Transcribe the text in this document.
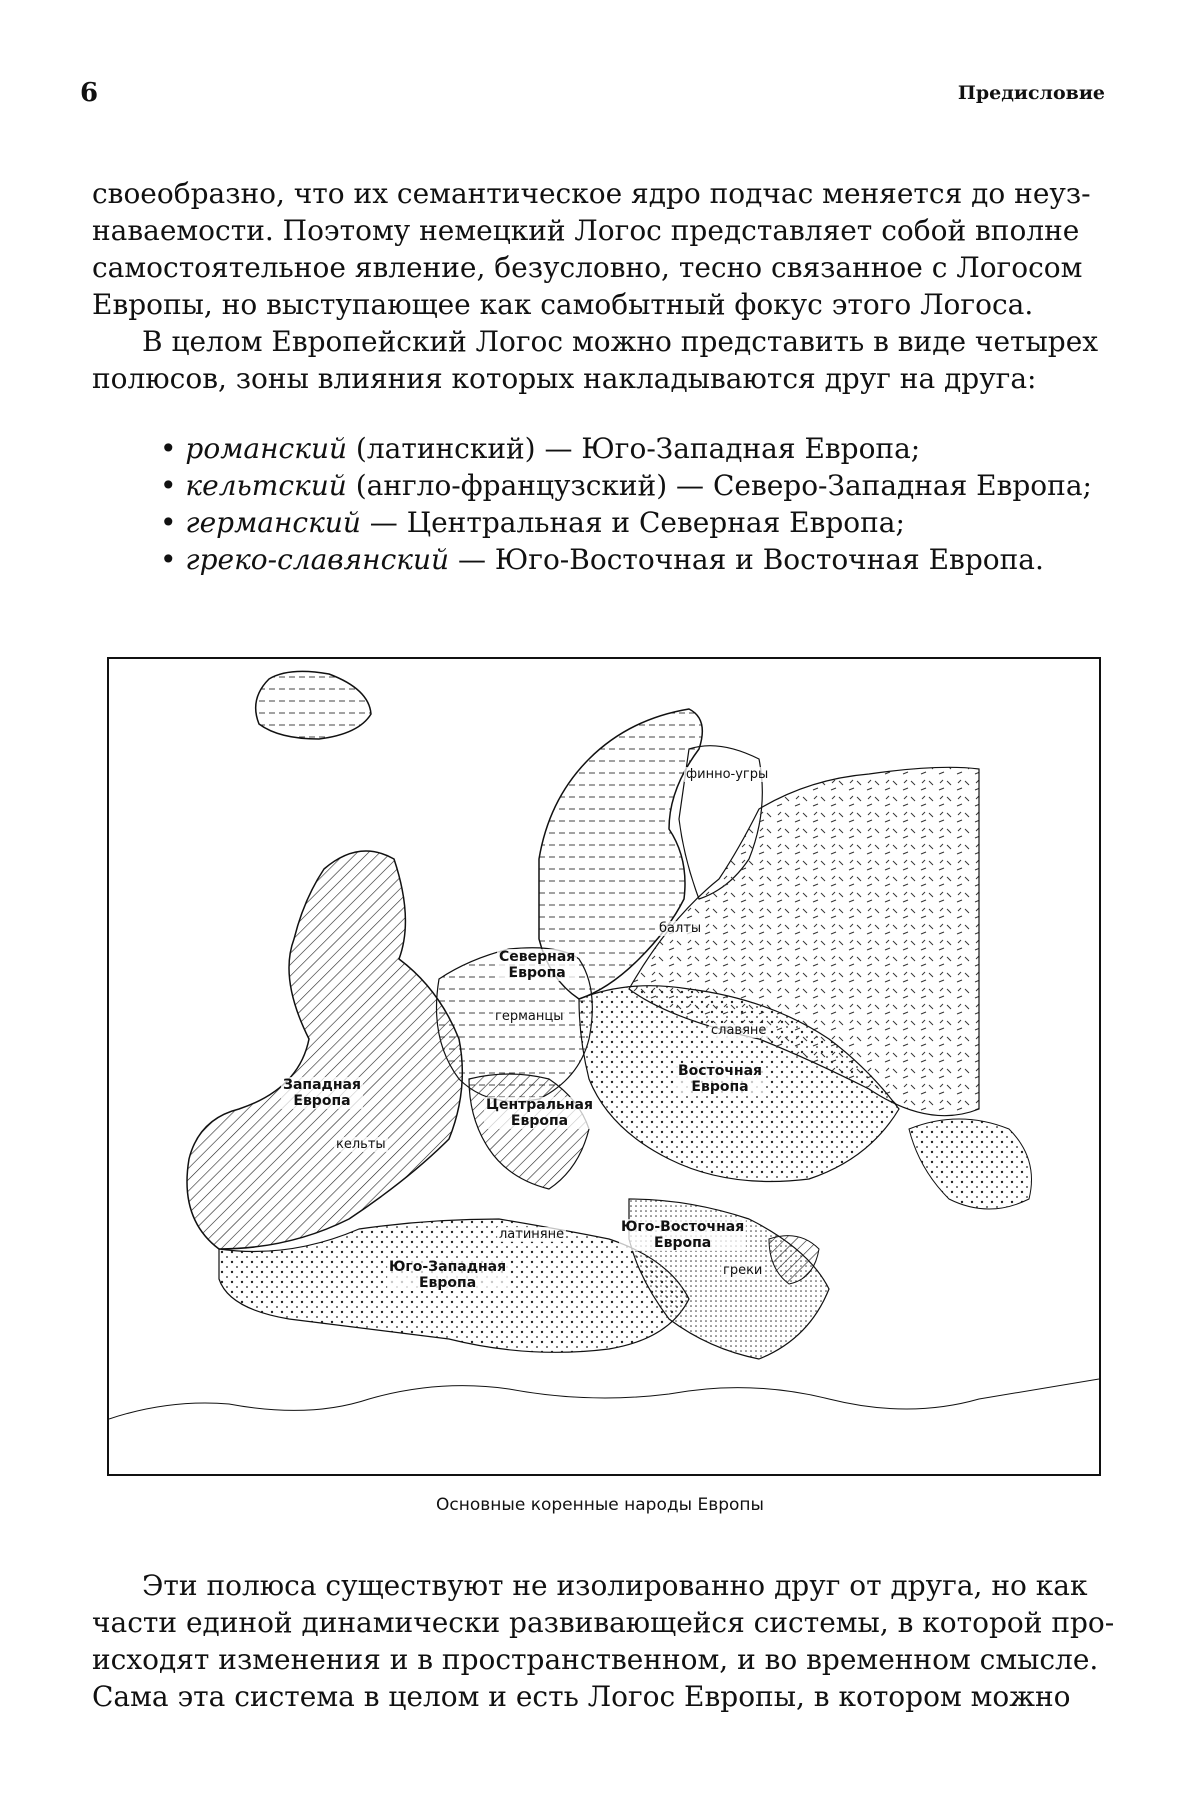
6	Предисловие

своеобразно, что их семантическое ядро подчас меняется до неуз-
наваемости. Поэтому немецкий Логос представляет собой вполне
самостоятельное явление, безусловно, тесно связанное с Логосом
Европы, но выступающее как самобытный фокус этого Логоса.

В целом Европейский Логос можно представить в виде четырех
полюсов, зоны влияния которых накладываются друг на друга:

• романский (латинский) — Юго-Западная Европа;
• кельтский (англо-французский) — Северо-Западная Европа;
• германский — Центральная и Северная Европа;
• греко-славянский — Юго-Восточная и Восточная Европа.
финно-угры
балты
Северная
Европа
германцы
славяне
Восточная
Европа
Западная
Европа	Центральная
Европа
кельты
латиняне	Юго-Восточная
Европа
Юго-Западная
Европа
греки
Основные коренные народы Европы

Эти полюса существуют не изолированно друг от друга, но как
части единой динамически развивающейся системы, в которой про-
исходят изменения и в пространственном, и во временном смысле.
Сама эта система в целом и есть Логос Европы, в котором можно
